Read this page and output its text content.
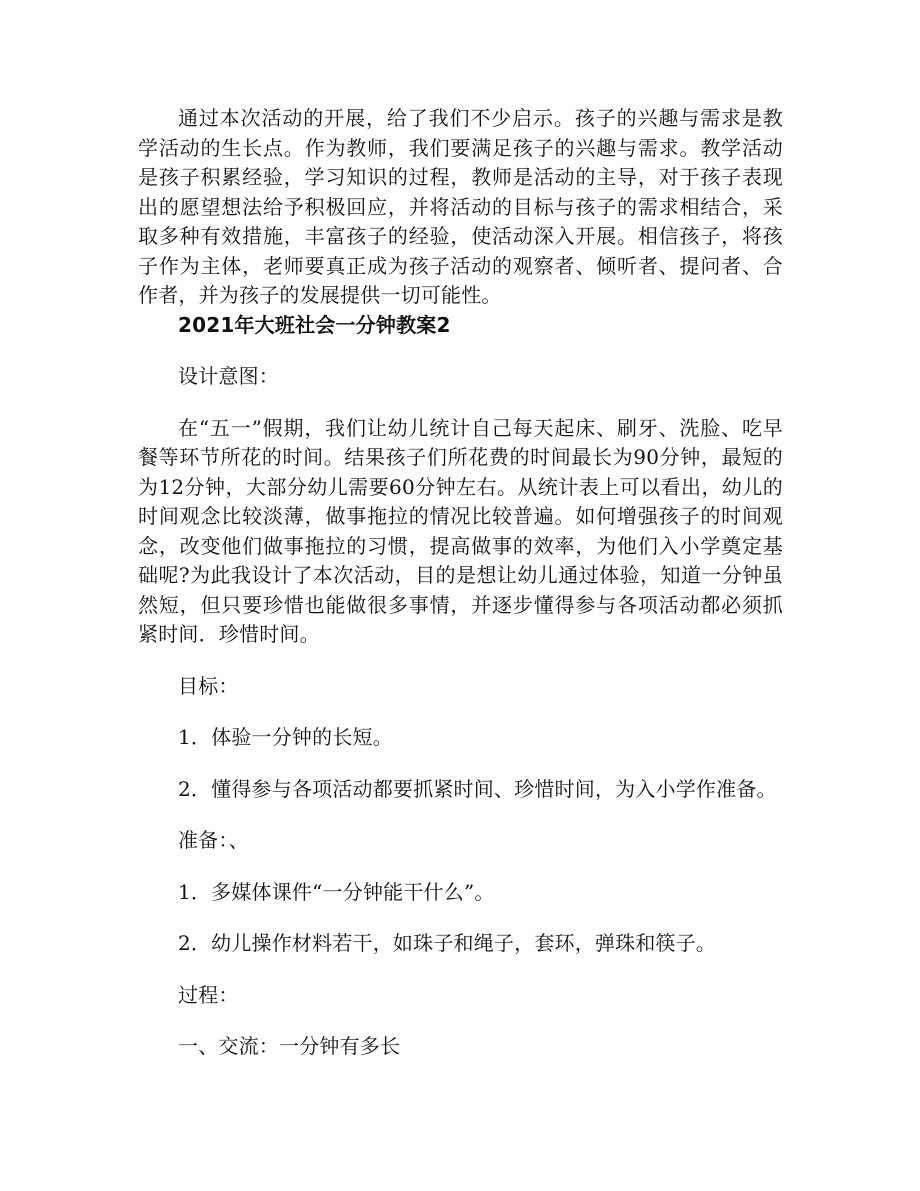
通过本次活动的开展，给了我们不少启示。孩子的兴趣与需求是教学活动的生长点。作为教师，我们要满足孩子的兴趣与需求。教学活动是孩子积累经验，学习知识的过程，教师是活动的主导，对于孩子表现出的愿望想法给予积极回应，并将活动的目标与孩子的需求相结合，采取多种有效措施，丰富孩子的经验，使活动深入开展。相信孩子，将孩子作为主体，老师要真正成为孩子活动的观察者、倾听者、提问者、合作者，并为孩子的发展提供一切可能性。

2021年大班社会一分钟教案2

设计意图：

在“五一”假期，我们让幼儿统计自己每天起床、刷牙、洗脸、吃早餐等环节所花的时间。结果孩子们所花费的时间最长为90分钟，最短的为12分钟，大部分幼儿需要60分钟左右。从统计表上可以看出，幼儿的时间观念比较淡薄，做事拖拉的情况比较普遍。如何增强孩子的时间观念，改变他们做事拖拉的习惯，提高做事的效率，为他们入小学奠定基础呢?为此我设计了本次活动，目的是想让幼儿通过体验，知道一分钟虽然短，但只要珍惜也能做很多事情，并逐步懂得参与各项活动都必须抓紧时间．珍惜时间。

目标：

1．体验一分钟的长短。

2．懂得参与各项活动都要抓紧时间、珍惜时间，为入小学作准备。

准备：、

1．多媒体课件“一分钟能干什么”。

2．幼儿操作材料若干，如珠子和绳子，套环，弹珠和筷子。

过程：

一、交流：一分钟有多长
